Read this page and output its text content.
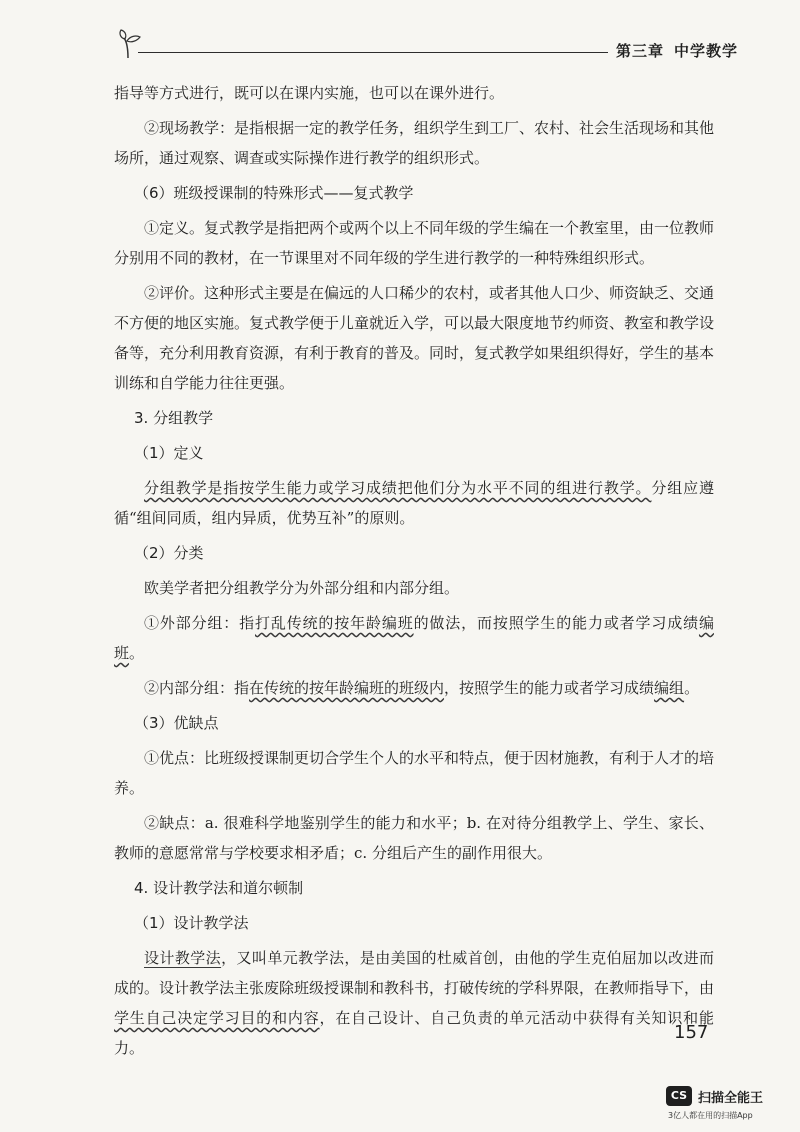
第三章 中学教学

指导等方式进行，既可以在课内实施，也可以在课外进行。

②现场教学：是指根据一定的教学任务，组织学生到工厂、农村、社会生活现场和其他场所，通过观察、调查或实际操作进行教学的组织形式。

（6）班级授课制的特殊形式——复式教学

①定义。复式教学是指把两个或两个以上不同年级的学生编在一个教室里，由一位教师分别用不同的教材，在一节课里对不同年级的学生进行教学的一种特殊组织形式。

②评价。这种形式主要是在偏远的人口稀少的农村，或者其他人口少、师资缺乏、交通不方便的地区实施。复式教学便于儿童就近入学，可以最大限度地节约师资、教室和教学设备等，充分利用教育资源，有利于教育的普及。同时，复式教学如果组织得好，学生的基本训练和自学能力往往更强。

3. 分组教学

（1）定义

分组教学是指按学生能力或学习成绩把他们分为水平不同的组进行教学。分组应遵循“组间同质，组内异质，优势互补”的原则。

（2）分类

欧美学者把分组教学分为外部分组和内部分组。

①外部分组：指打乱传统的按年龄编班的做法，而按照学生的能力或者学习成绩编班。

②内部分组：指在传统的按年龄编班的班级内，按照学生的能力或者学习成绩编组。

（3）优缺点

①优点：比班级授课制更切合学生个人的水平和特点，便于因材施教，有利于人才的培养。

②缺点：a. 很难科学地鉴别学生的能力和水平；b. 在对待分组教学上、学生、家长、教师的意愿常常与学校要求相矛盾；c. 分组后产生的副作用很大。

4. 设计教学法和道尔顿制

（1）设计教学法

设计教学法，又叫单元教学法，是由美国的杜威首创，由他的学生克伯屈加以改进而成的。设计教学法主张废除班级授课制和教科书，打破传统的学科界限，在教师指导下，由学生自己决定学习目的和内容，在自己设计、自己负责的单元活动中获得有关知识和能力。

157
CS 扫描全能王
3亿人都在用的扫描App
